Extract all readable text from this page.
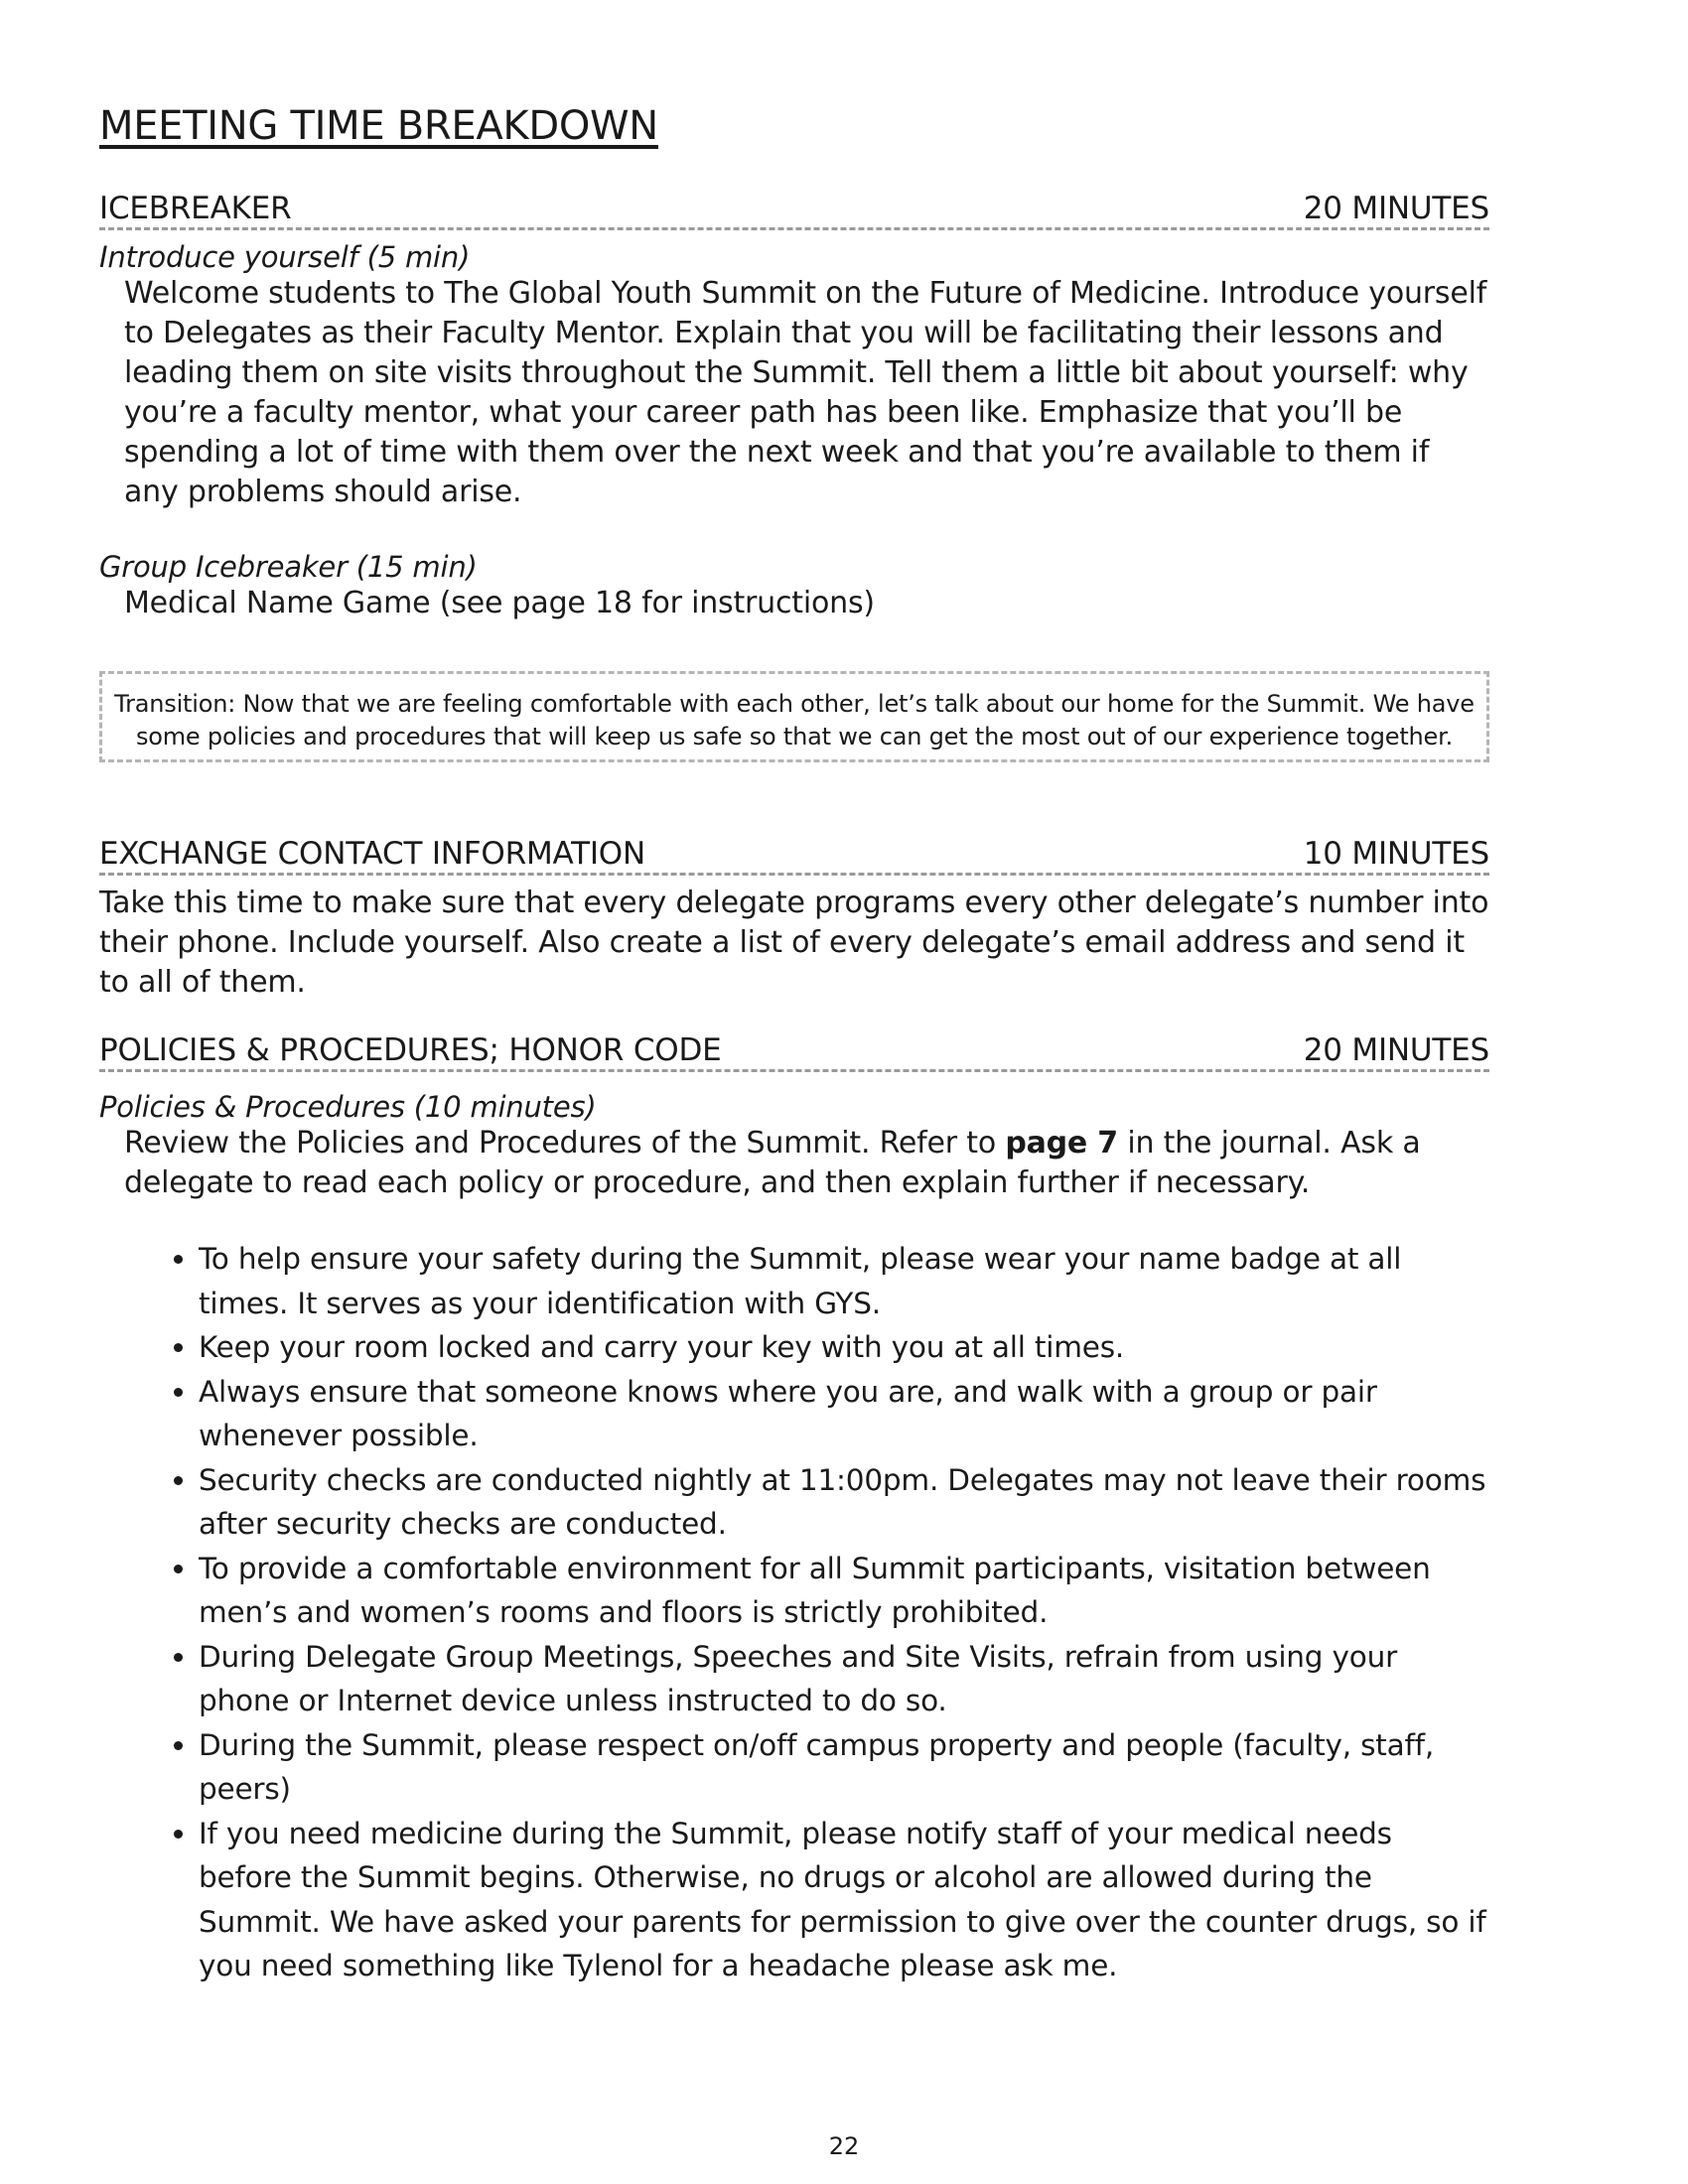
MEETING TIME BREAKDOWN
ICEBREAKER	20 MINUTES
Introduce yourself (5 min)
Welcome students to The Global Youth Summit on the Future of Medicine. Introduce yourself to Delegates as their Faculty Mentor. Explain that you will be facilitating their lessons and leading them on site visits throughout the Summit. Tell them a little bit about yourself: why you’re a faculty mentor, what your career path has been like. Emphasize that you’ll be spending a lot of time with them over the next week and that you’re available to them if any problems should arise.
Group Icebreaker (15 min)
Medical Name Game (see page 18 for instructions)
Transition: Now that we are feeling comfortable with each other, let’s talk about our home for the Summit. We have some policies and procedures that will keep us safe so that we can get the most out of our experience together.
EXCHANGE CONTACT INFORMATION	10 MINUTES
Take this time to make sure that every delegate programs every other delegate’s number into their phone. Include yourself. Also create a list of every delegate’s email address and send it to all of them.
POLICIES & PROCEDURES; HONOR CODE	20 MINUTES
Policies & Procedures (10 minutes)
Review the Policies and Procedures of the Summit. Refer to page 7 in the journal. Ask a delegate to read each policy or procedure, and then explain further if necessary.
• To help ensure your safety during the Summit, please wear your name badge at all times. It serves as your identification with GYS.
• Keep your room locked and carry your key with you at all times.
• Always ensure that someone knows where you are, and walk with a group or pair whenever possible.
• Security checks are conducted nightly at 11:00pm. Delegates may not leave their rooms after security checks are conducted.
• To provide a comfortable environment for all Summit participants, visitation between men’s and women’s rooms and floors is strictly prohibited.
• During Delegate Group Meetings, Speeches and Site Visits, refrain from using your phone or Internet device unless instructed to do so.
• During the Summit, please respect on/off campus property and people (faculty, staff, peers)
• If you need medicine during the Summit, please notify staff of your medical needs before the Summit begins. Otherwise, no drugs or alcohol are allowed during the Summit. We have asked your parents for permission to give over the counter drugs, so if you need something like Tylenol for a headache please ask me.
22
